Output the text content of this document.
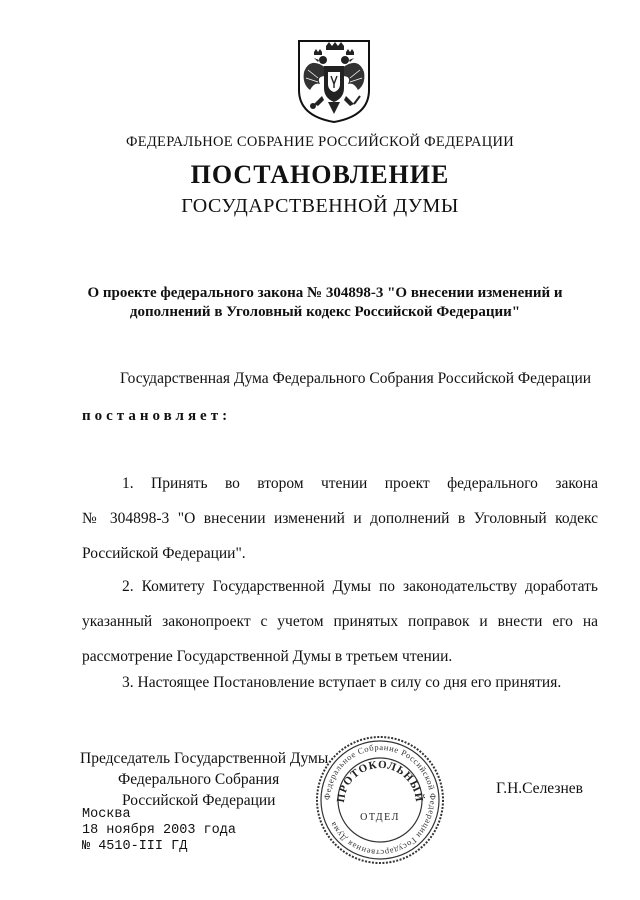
ФЕДЕРАЛЬНОЕ СОБРАНИЕ РОССИЙСКОЙ ФЕДЕРАЦИИ
ПОСТАНОВЛЕНИЕ
ГОСУДАРСТВЕННОЙ ДУМЫ
О проекте федерального закона № 304898-3 "О внесении изменений и
дополнений в Уголовный кодекс Российской Федерации"
Государственная Дума Федерального Собрания Российской Федерации
постановляет:
1. Принять во втором чтении проект федерального закона
№ 304898-3 "О внесении изменений и дополнений в Уголовный кодекс Российской Федерации".
2. Комитету Государственной Думы по законодательству доработать указанный законопроект с учетом принятых поправок и внести его на рассмотрение Государственной Думы в третьем чтении.
3. Настоящее Постановление вступает в силу со дня его принятия.
Председатель Государственной Думы
Федерального Собрания
Российской Федерации	Федеральное Собрание Российской Федерации Государственная Дума
ПРОТОКОЛЬНЫЙ
ОТДЕЛ
Г.Н.Селезнев
Москва
18 ноября 2003 года
№ 4510-III ГД
